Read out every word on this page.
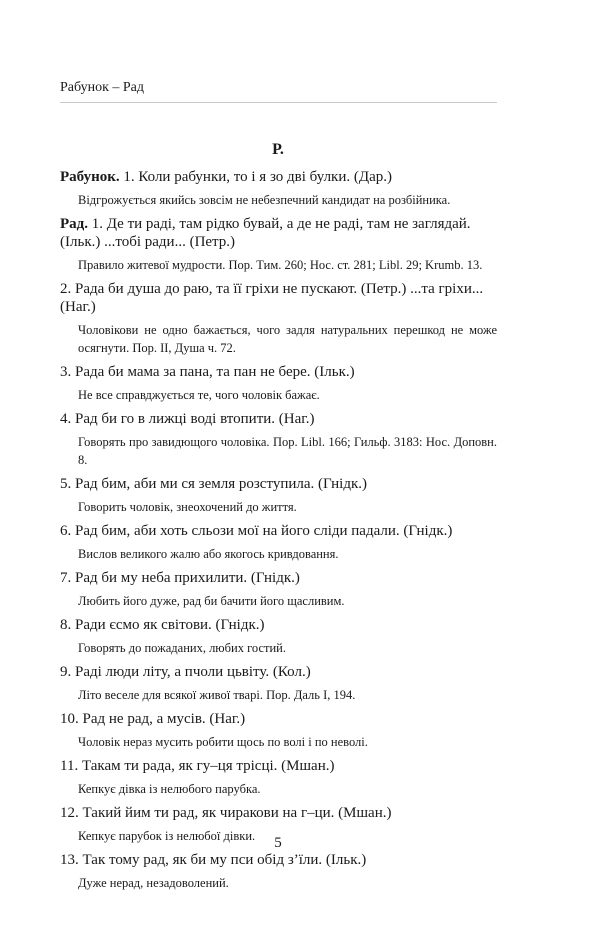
Рабунок – Рад
Р.
Рабунок. 1. Коли рабунки, то і я зо дві булки. (Дар.)
Відгрожується якийсь зовсім не небезпечний кандидат на розбійника.
Рад. 1. Де ти раді, там рідко бувай, а де не раді, там не заглядай. (Ільк.) ...тобі ради... (Петр.)
Правило житевої мудрости. Пор. Тим. 260; Нос. ст. 281; Libl. 29; Krumb. 13.
2. Рада би душа до раю, та її гріхи не пускают. (Петр.) ...та гріхи... (Наг.)
Чоловікови не одно бажається, чого задля натуральних перешкод не може осягнути. Пор. II, Душа ч. 72.
3. Рада би мама за пана, та пан не бере. (Ільк.)
Не все справджується те, чого чоловік бажає.
4. Рад би го в лижці воді втопити. (Наг.)
Говорять про завидющого чоловіка. Пор. Libl. 166; Гильф. 3183: Нос. Доповн. 8.
5. Рад бим, аби ми ся земля розступила. (Гнідк.)
Говорить чоловік, знеохочений до життя.
6. Рад бим, аби хоть сльози мої на його сліди падали. (Гнідк.)
Вислов великого жалю або якогось кривдовання.
7. Рад би му неба прихилити. (Гнідк.)
Любить його дуже, рад би бачити його щасливим.
8. Ради єсмо як світови. (Гнідк.)
Говорять до пожаданих, любих гостий.
9. Раді люди літу, а пчоли цьвіту. (Кол.)
Літо веселе для всякої живої тварі. Пор. Даль I, 194.
10. Рад не рад, а мусів. (Наг.)
Чоловік нераз мусить робити щось по волі і по неволі.
11. Такам ти рада, як гу–ця трісці. (Мшан.)
Кепкує дівка із нелюбого парубка.
12. Такий йим ти рад, як чиракови на г–ци. (Мшан.)
Кепкує парубок із нелюбої дівки.
13. Так тому рад, як би му пси обід з’їли. (Ільк.)
Дуже нерад, незадоволений.
5
